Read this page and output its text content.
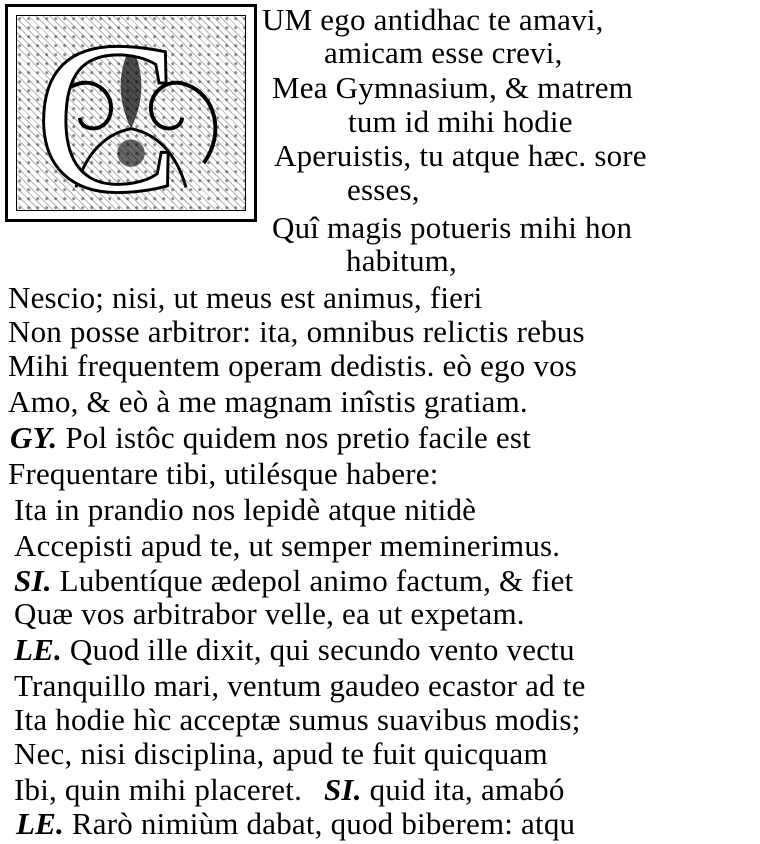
C	UM ego antidhac te amavi,
amicam esse crevi,
Mea Gymnasium, & matrem
tum id mihi hodie
Aperuistis, tu atque hæc. sore
esses,
Quî magis potueris mihi hon
habitum,
Nescio; nisi, ut meus est animus, fieri
Non posse arbitror: ita, omnibus relictis rebus
Mihi frequentem operam dedistis. eò ego vos
Amo, & eò à me magnam inîstis gratiam.
GY. Pol istôc quidem nos pretio facile est
Frequentare tibi, utilésque habere:
Ita in prandio nos lepidè atque nitidè
Accepisti apud te, ut semper meminerimus.
SI. Lubentíque ædepol animo factum, & fiet
Quæ vos arbitrabor velle, ea ut expetam.
LE. Quod ille dixit, qui secundo vento vectu
Tranquillo mari, ventum gaudeo ecastor ad te
Ita hodie hìc acceptæ sumus suavibus modis;
Nec, nisi disciplina, apud te fuit quicquam
Ibi, quin mihi placeret. SI. quid ita, amabó
LE. Rarò nimiùm dabat, quod biberem: atqu
